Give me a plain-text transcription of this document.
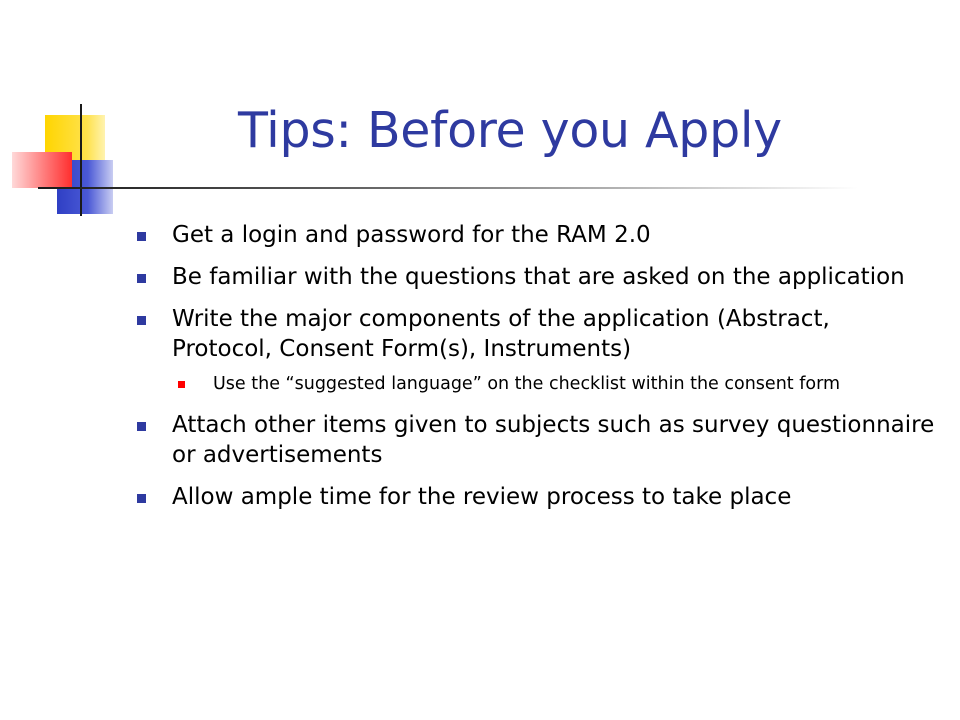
Tips: Before you Apply
Get a login and password for the RAM 2.0
Be familiar with the questions that are asked on the application
Write the major components of the application (Abstract, Protocol, Consent Form(s), Instruments)
Use the “suggested language” on the checklist within the consent form
Attach other items given to subjects such as survey questionnaire or advertisements
Allow ample time for the review process to take place
